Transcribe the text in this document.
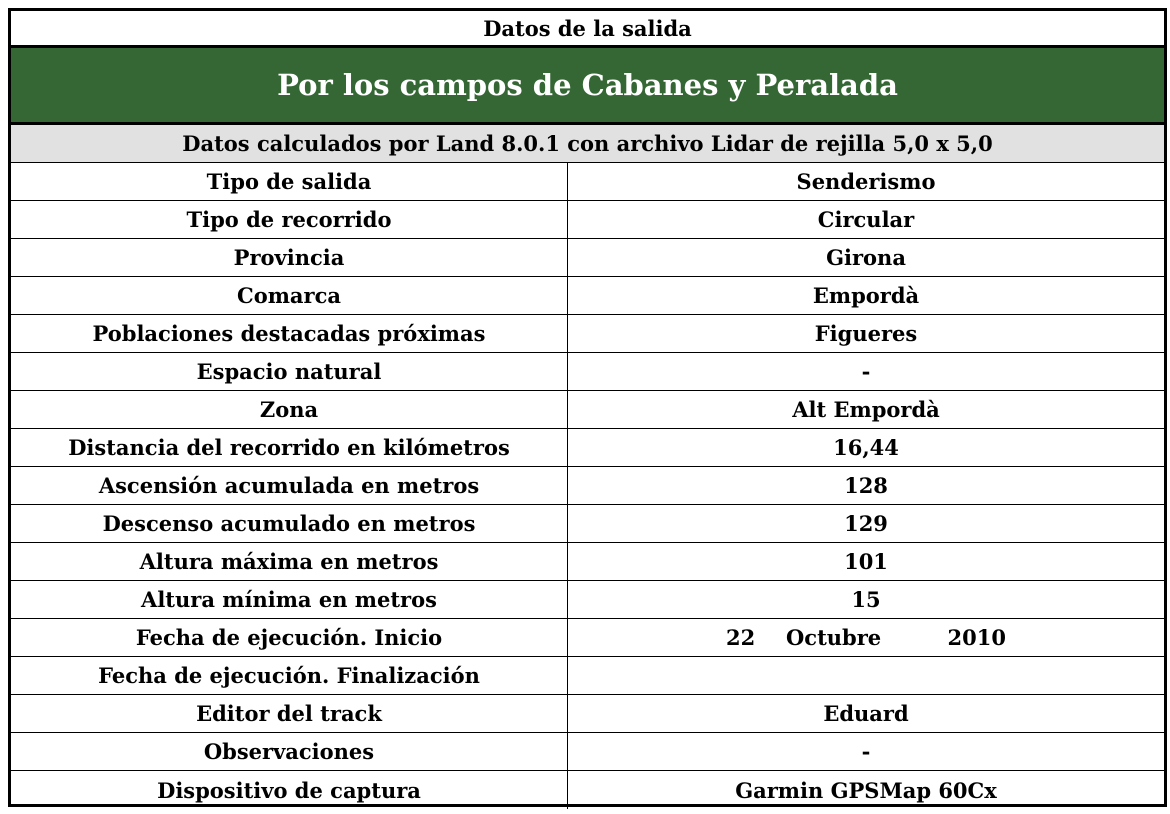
Datos de la salida
Por los campos de Cabanes y Peralada
Datos calculados por Land 8.0.1 con archivo Lidar de rejilla 5,0 x 5,0
Tipo de salida	Senderismo
Tipo de recorrido	Circular
Provincia	Girona
Comarca	Empordà
Poblaciones destacadas próximas	Figueres
Espacio natural	-
Zona	Alt Empordà
Distancia del recorrido en kilómetros	16,44
Ascensión acumulada en metros	128
Descenso acumulado en metros	129
Altura máxima en metros	101
Altura mínima en metros	15
Fecha de ejecución. Inicio	22	Octubre	2010
Fecha de ejecución. Finalización
Editor del track	Eduard
Observaciones	-
Dispositivo de captura	Garmin GPSMap 60Cx
